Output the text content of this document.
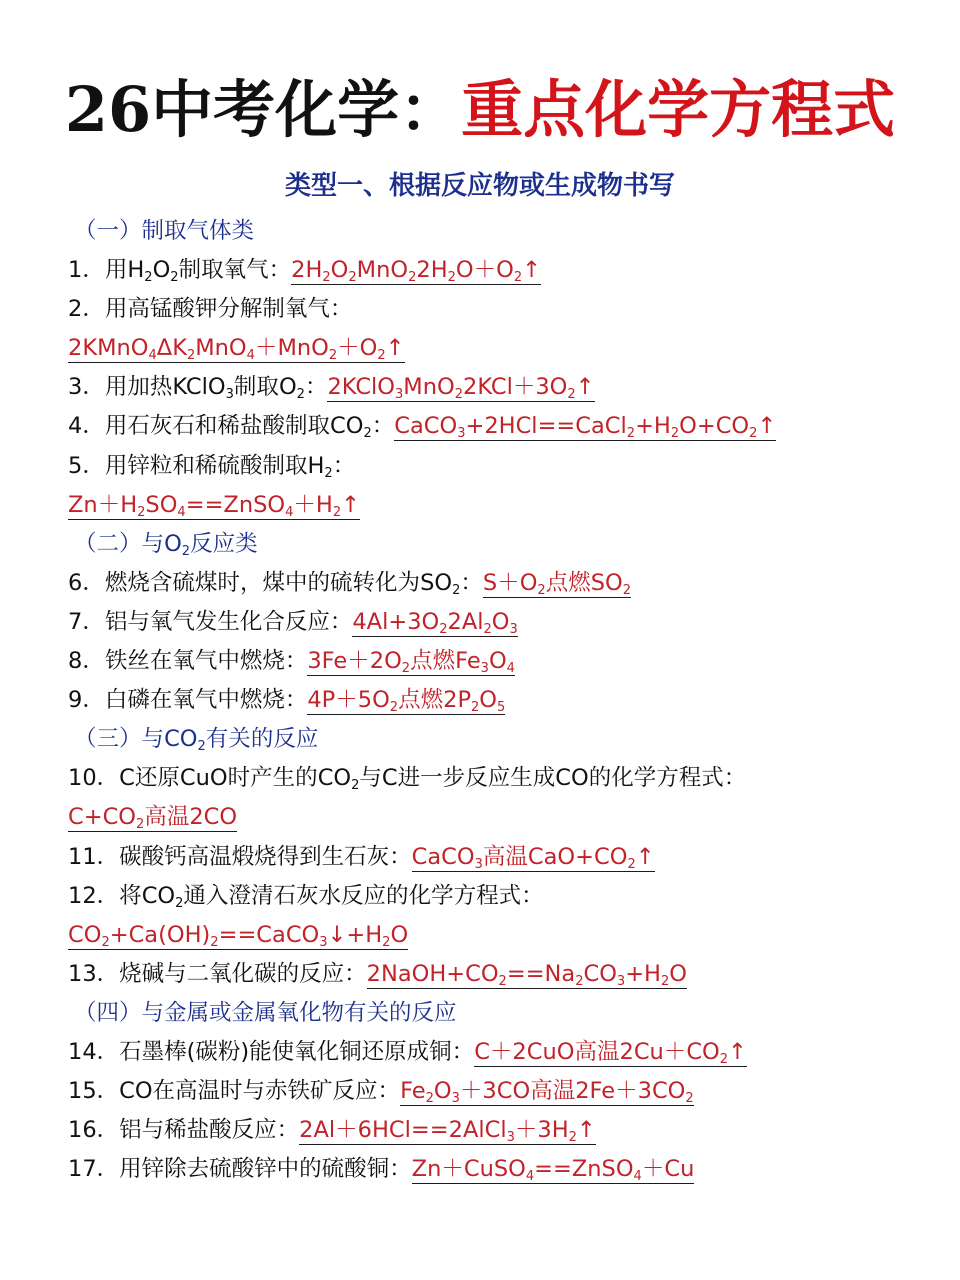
26中考化学：重点化学方程式
类型一、根据反应物或生成物书写
（一）制取气体类
1．用$H_2O_2$制取氧气：$2H_2O_2MnO_22H_2O+O_2↑$
2．用高锰酸钾分解制氧气：
$2KMnO_4\Delta K_2MnO_4+MnO_2+O_2↑$
3．用加热KClO$_3$制取$O_2$：$2KClO_3MnO_22KCl+3O_2↑$
4．用石灰石和稀盐酸制取$CO_2$：$CaCO_3+2HCl==CaCl_2+H_2O+CO_2↑$
5．用锌粒和稀硫酸制取$H_2$：
$Zn+H_2SO_4==ZnSO_4+H_2↑$
（二）与$O_2$反应类
6．燃烧含硫煤时，煤中的硫转化为$SO_2$：$S+O_2$点燃$SO_2$
7．铝与氧气发生化合反应：$4Al+3O_22Al_2O_3$
8．铁丝在氧气中燃烧：$3Fe+2O_2$点燃$Fe_3O_4$
9．白磷在氧气中燃烧：$4P+5O_2$点燃$2P_2O_5$
（三）与$CO_2$有关的反应
10．C还原CuO时产生的$CO_2$与C进一步反应生成CO的化学方程式：
$C+CO_2$高温2CO
11．碳酸钙高温煅烧得到生石灰：CaCO$_3$高温$CaO+CO_2↑$
12．将$CO_2$通入澄清石灰水反应的化学方程式：
$CO_2+Ca(OH)_2==CaCO_3↓+H_2O$
13．烧碱与二氧化碳的反应：$2NaOH+CO_2==Na_2CO_3+H_2O$
（四）与金属或金属氧化物有关的反应
14．石墨棒(碳粉)能使氧化铜还原成铜：C＋2CuO高温$2Cu+CO_2↑$
15．CO在高温时与赤铁矿反应：$Fe_2O_3+3CO$高温$2Fe+3CO_2$
16．铝与稀盐酸反应：$2Al+6HCl==2AlCl_3+3H_2↑$
17．用锌除去硫酸锌中的硫酸铜：Zn＋CuSO$_4$==ZnSO$_4$＋Cu
